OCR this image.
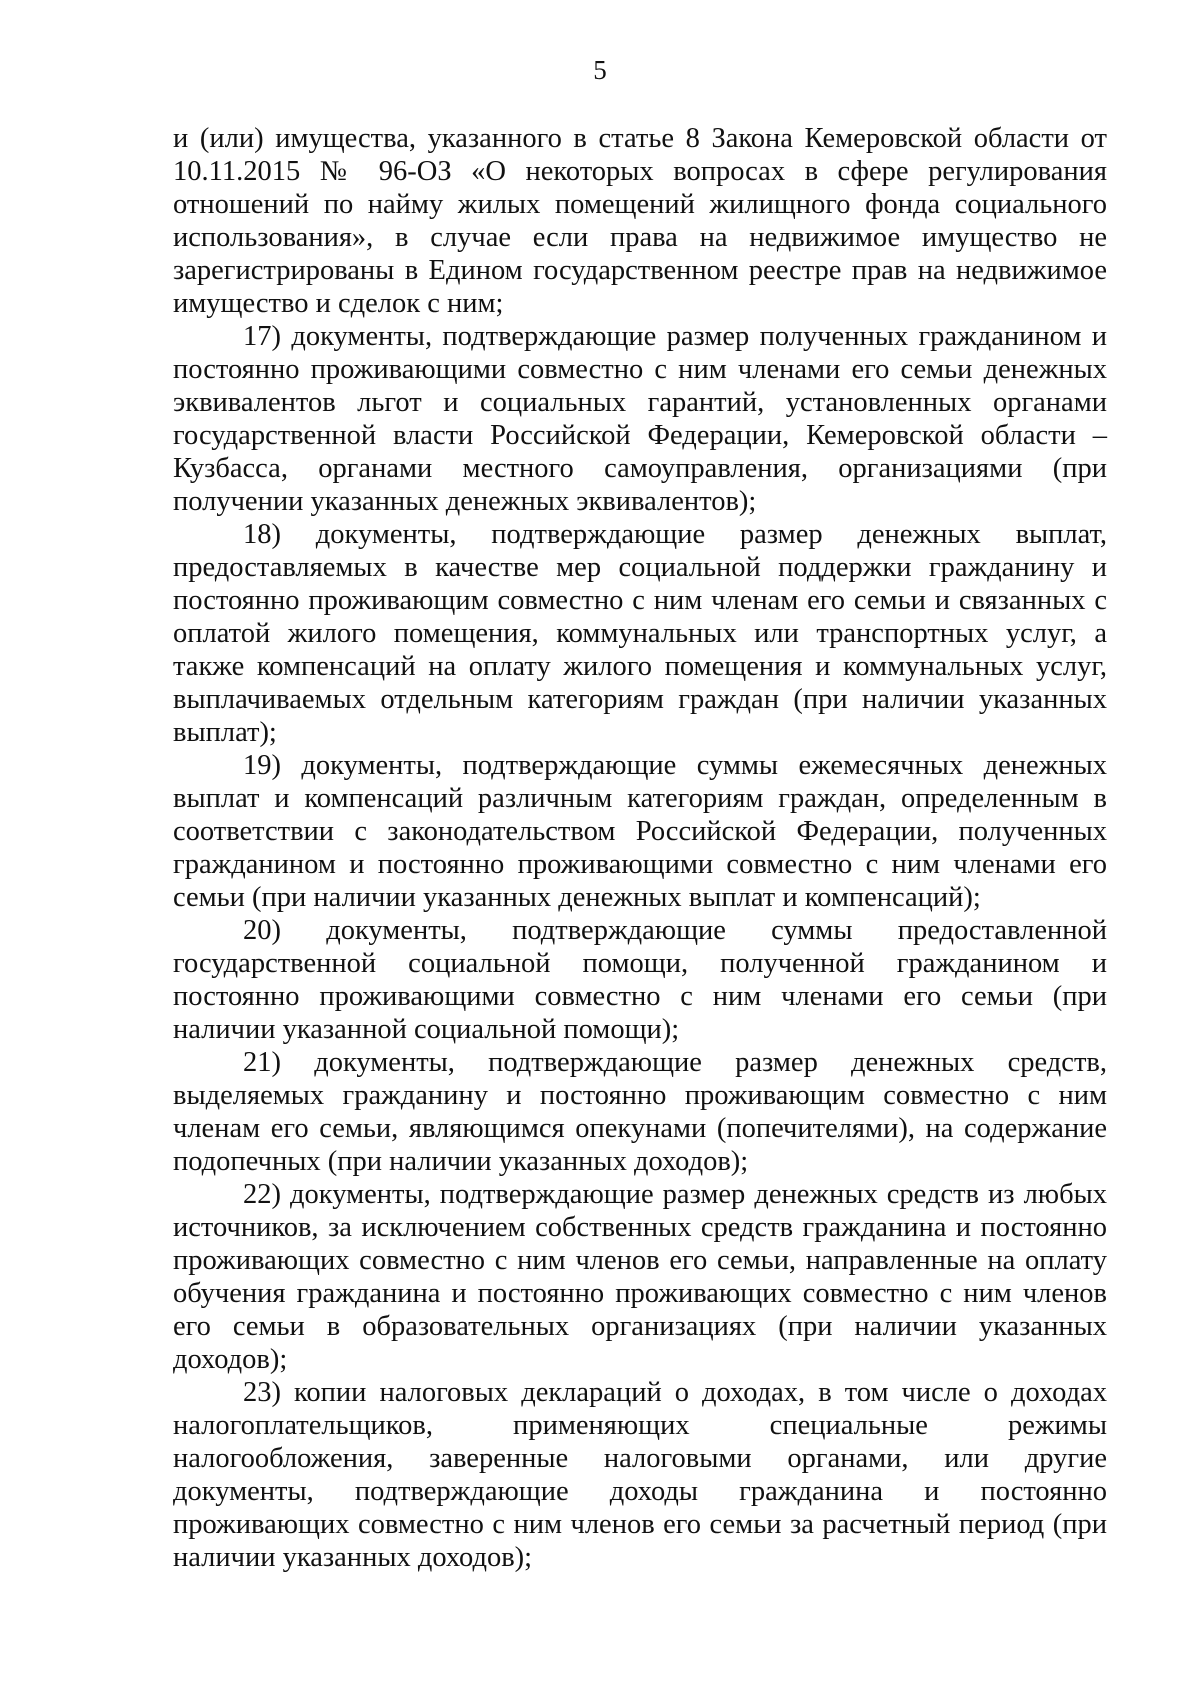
5

и (или) имущества, указанного в статье 8 Закона Кемеровской области от 10.11.2015 № 96-ОЗ «О некоторых вопросах в сфере регулирования отношений по найму жилых помещений жилищного фонда социального использования», в случае если права на недвижимое имущество не зарегистрированы в Едином государственном реестре прав на недвижимое имущество и сделок с ним;

17) документы, подтверждающие размер полученных гражданином и постоянно проживающими совместно с ним членами его семьи денежных эквивалентов льгот и социальных гарантий, установленных органами государственной власти Российской Федерации, Кемеровской области – Кузбасса, органами местного самоуправления, организациями (при получении указанных денежных эквивалентов);

18) документы, подтверждающие размер денежных выплат, предоставляемых в качестве мер социальной поддержки гражданину и постоянно проживающим совместно с ним членам его семьи и связанных с оплатой жилого помещения, коммунальных или транспортных услуг, а также компенсаций на оплату жилого помещения и коммунальных услуг, выплачиваемых отдельным категориям граждан (при наличии указанных выплат);

19) документы, подтверждающие суммы ежемесячных денежных выплат и компенсаций различным категориям граждан, определенным в соответствии с законодательством Российской Федерации, полученных гражданином и постоянно проживающими совместно с ним членами его семьи (при наличии указанных денежных выплат и компенсаций);

20) документы, подтверждающие суммы предоставленной государственной социальной помощи, полученной гражданином и постоянно проживающими совместно с ним членами его семьи (при наличии указанной социальной помощи);

21) документы, подтверждающие размер денежных средств, выделяемых гражданину и постоянно проживающим совместно с ним членам его семьи, являющимся опекунами (попечителями), на содержание подопечных (при наличии указанных доходов);

22) документы, подтверждающие размер денежных средств из любых источников, за исключением собственных средств гражданина и постоянно проживающих совместно с ним членов его семьи, направленные на оплату обучения гражданина и постоянно проживающих совместно с ним членов его семьи в образовательных организациях (при наличии указанных доходов);

23) копии налоговых деклараций о доходах, в том числе о доходах налогоплательщиков, применяющих специальные режимы налогообложения, заверенные налоговыми органами, или другие документы, подтверждающие доходы гражданина и постоянно проживающих совместно с ним членов его семьи за расчетный период (при наличии указанных доходов);
